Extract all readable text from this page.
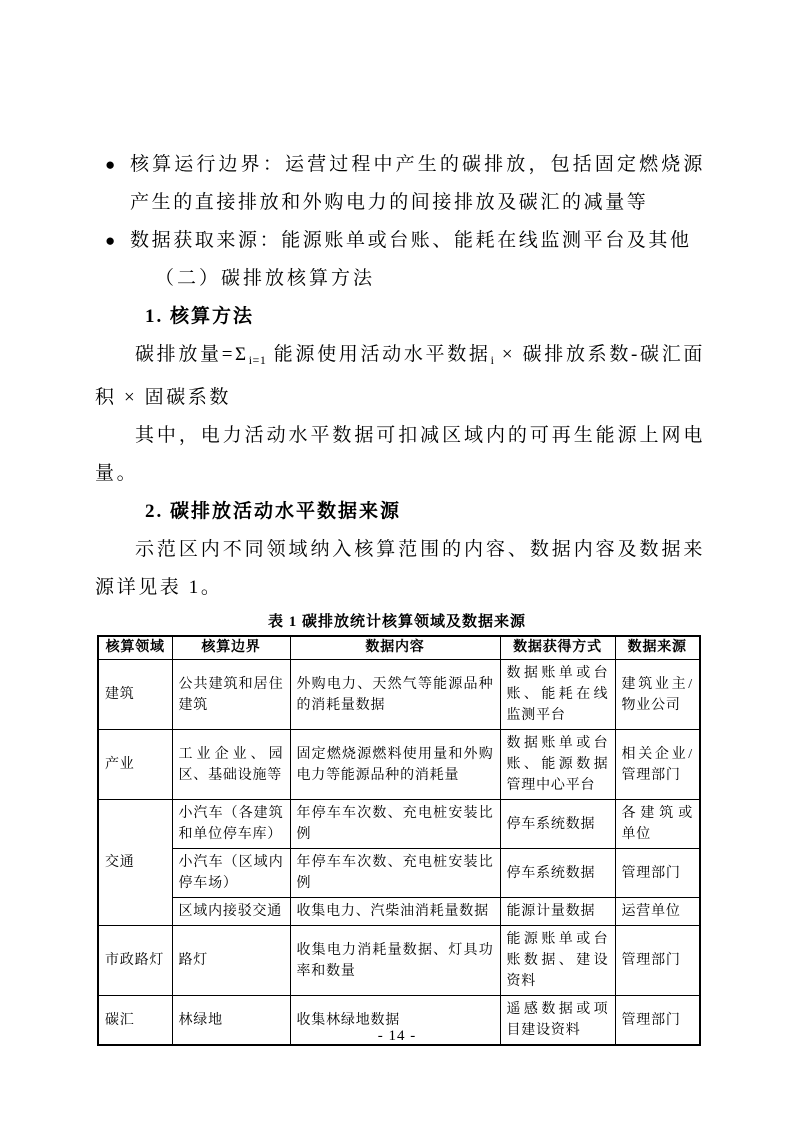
● 核算运行边界：运营过程中产生的碳排放，包括固定燃烧源产生的直接排放和外购电力的间接排放及碳汇的减量等
● 数据获取来源：能源账单或台账、能耗在线监测平台及其他

（二）碳排放核算方法

1. 核算方法

碳排放量$=\Sigma_{i=1}$ 能源使用活动水平数据$_i$ × 碳排放系数-碳汇面积 × 固碳系数

其中，电力活动水平数据可扣减区域内的可再生能源上网电量。

2. 碳排放活动水平数据来源

示范区内不同领域纳入核算范围的内容、数据内容及数据来源详见表 1。

表 1 碳排放统计核算领域及数据来源
核算领域	核算边界	数据内容	数据获得方式	数据来源
建筑	公共建筑和居住建筑	外购电力、天然气等能源品种的消耗量数据	数据账单或台账、能耗在线监测平台	建筑业主/物业公司
产业	工业企业、园区、基础设施等	固定燃烧源燃料使用量和外购电力等能源品种的消耗量	数据账单或台账、能源数据管理中心平台	相关企业/管理部门
交通	小汽车（各建筑和单位停车库）	年停车车次数、充电桩安装比例	停车系统数据	各建筑或单位
	小汽车（区域内停车场）	年停车车次数、充电桩安装比例	停车系统数据	管理部门
	区域内接驳交通	收集电力、汽柴油消耗量数据	能源计量数据	运营单位
市政路灯	路灯	收集电力消耗量数据、灯具功率和数量	能源账单或台账数据、建设资料	管理部门
碳汇	林绿地	收集林绿地数据	遥感数据或项目建设资料	管理部门
- 14 -
